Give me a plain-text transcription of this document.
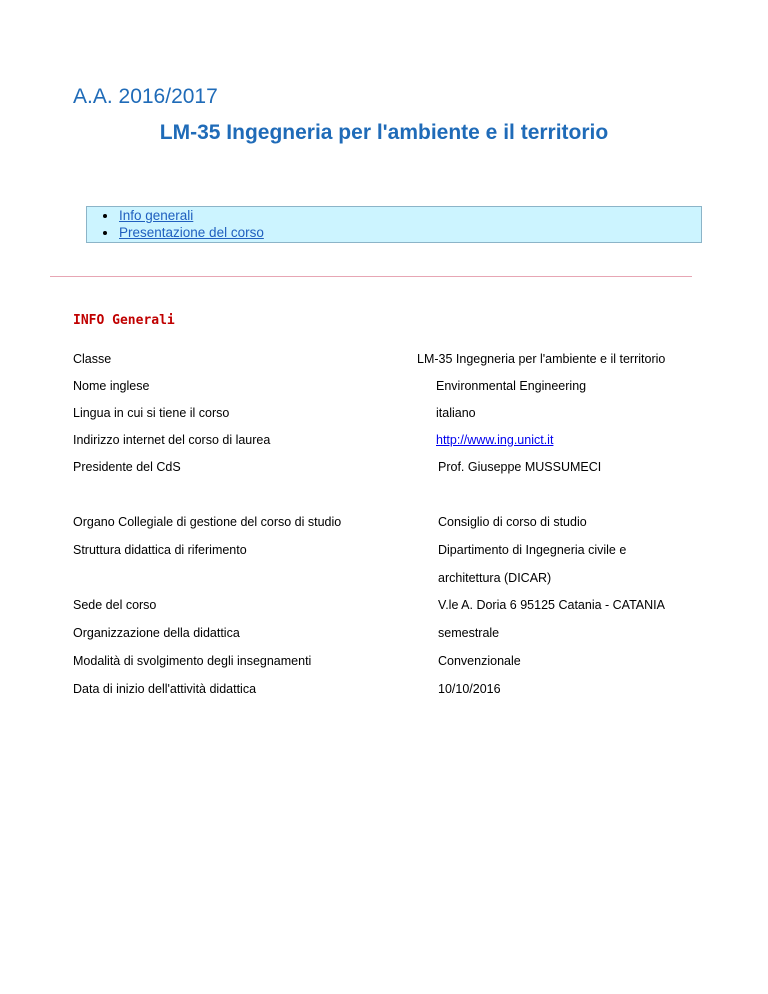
A.A. 2016/2017
LM-35 Ingegneria per l'ambiente e il territorio
Info generali
Presentazione del corso
INFO Generali
Classe	LM-35 Ingegneria per l'ambiente e il territorio
Nome inglese	Environmental Engineering
Lingua in cui si tiene il corso	italiano
Indirizzo internet del corso di laurea	http://www.ing.unict.it
Presidente del CdS	Prof. Giuseppe MUSSUMECI
Organo Collegiale di gestione del corso di studio	Consiglio di corso di studio
Struttura didattica di riferimento	Dipartimento di Ingegneria civile e
architettura (DICAR)
Sede del corso	V.le A. Doria 6 95125 Catania - CATANIA
Organizzazione della didattica	semestrale
Modalità di svolgimento degli insegnamenti	Convenzionale
Data di inizio dell'attività didattica	10/10/2016
